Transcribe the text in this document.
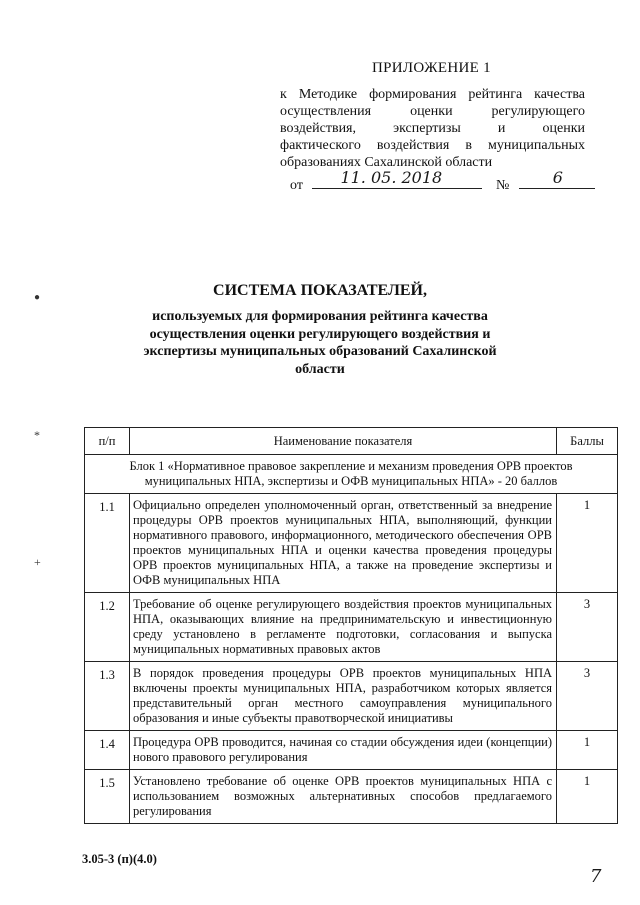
ПРИЛОЖЕНИЕ 1
к Методике формирования рейтинга качества
осуществления оценки регулирующего
воздействия, экспертизы и оценки
фактического воздействия в муниципальных
образованиях Сахалинской области
от 11. 05. 2018	№	6
СИСТЕМА ПОКАЗАТЕЛЕЙ,
используемых для формирования рейтинга качества
осуществления оценки регулирующего воздействия и
экспертизы муниципальных образований Сахалинской
области
п/п	Наименование показателя	Баллы
Блок 1 «Нормативное правовое закрепление и механизм проведения ОРВ проектов муниципальных НПА, экспертизы и ОФВ муниципальных НПА» - 20 баллов		
1.1	Официально определен уполномоченный орган, ответственный за внедрение процедуры ОРВ проектов муниципальных НПА, выполняющий, функции нормативного правового, информационного, методического обеспечения ОРВ проектов муниципальных НПА и оценки качества проведения процедуры ОРВ проектов муниципальных НПА, а также на проведение экспертизы и ОФВ муниципальных НПА	1
1.2	Требование об оценке регулирующего воздействия проектов муниципальных НПА, оказывающих влияние на предпринимательскую и инвестиционную среду установлено в регламенте подготовки, согласования и выпуска муниципальных нормативных правовых актов	3
1.3	В порядок проведения процедуры ОРВ проектов муниципальных НПА включены проекты муниципальных НПА, разработчиком которых является представительный орган местного самоуправления муниципального образования и иные субъекты правотворческой инициативы	3
1.4	Процедура ОРВ проводится, начиная со стадии обсуждения идеи (концепции) нового правового регулирования	1
1.5	Установлено требование об оценке ОРВ проектов муниципальных НПА с использованием возможных альтернативных способов предлагаемого регулирования	1
3.05-3 (п)(4.0)
7
●
*
+
